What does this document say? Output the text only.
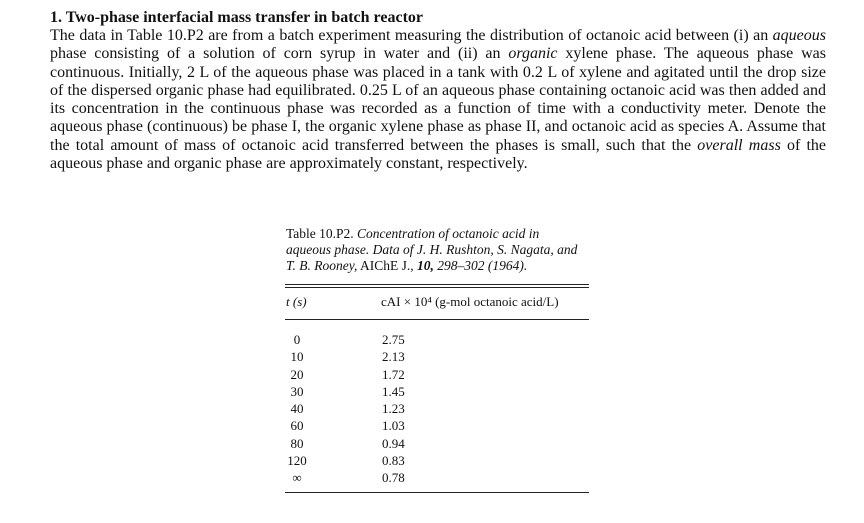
1. Two-phase interfacial mass transfer in batch reactor

The data in Table 10.P2 are from a batch experiment measuring the distribution of octanoic acid between (i) an aqueous phase consisting of a solution of corn syrup in water and (ii) an organic xylene phase. The aqueous phase was continuous. Initially, 2 L of the aqueous phase was placed in a tank with 0.2 L of xylene and agitated until the drop size of the dispersed organic phase had equilibrated. 0.25 L of an aqueous phase containing octanoic acid was then added and its concentration in the continuous phase was recorded as a function of time with a conductivity meter. Denote the aqueous phase (continuous) be phase I, the organic xylene phase as phase II, and octanoic acid as species A. Assume that the total amount of mass of octanoic acid transferred between the phases is small, such that the overall mass of the aqueous phase and organic phase are approximately constant, respectively.

Table 10.P2. Concentration of octanoic acid in aqueous phase. Data of J. H. Rushton, S. Nagata, and T. B. Rooney, AIChE J., 10, 298–302 (1964).

t (s)	cAI × 10⁴ (g-mol octanoic acid/L)
0	2.75
10	2.13
20	1.72
30	1.45
40	1.23
60	1.03
80	0.94
120	0.83
∞	0.78
